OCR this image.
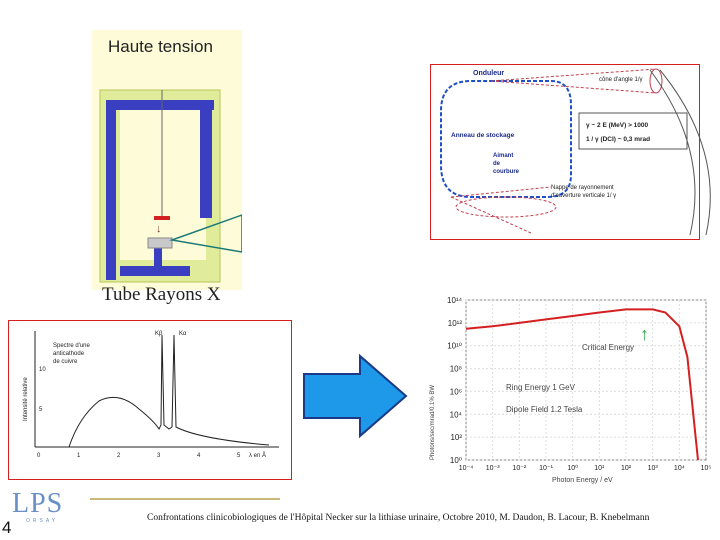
Haute tension
↓
Tube Rayons X
Onduleur
Anneau de stockage
Aimant
de
courbure
cône d'angle 1/γ
γ ~ 2 E (MeV) > 1000
1 / γ (DCI) ~ 0,3 mrad
Nappe de rayonnement
d'ouverture verticale 1/ γ
Intensité relative
10
5
0	1	2	3	4	5 λ en Å
Spectre d'une
anticathode
de cuivre
Kβ	Kα
10⁰
10²
10⁴
10⁶
10⁸
10¹⁰
10¹²
10¹⁴
10⁻⁴ 10⁻³ 10⁻² 10⁻¹ 10⁰ 10¹ 10² 10³ 10⁴ 10⁵
Photons/sec/mrad/0.1% BW
Photon Energy / eV
Critical Energy
Ring Energy 1 GeV
Dipole Field 1.2 Tesla
↑
LPS
ORSAY
4	Confrontations clinicobiologiques de l'Hôpital Necker sur la lithiase urinaire, Octobre 2010, M. Daudon, B. Lacour, B. Knebelmann
